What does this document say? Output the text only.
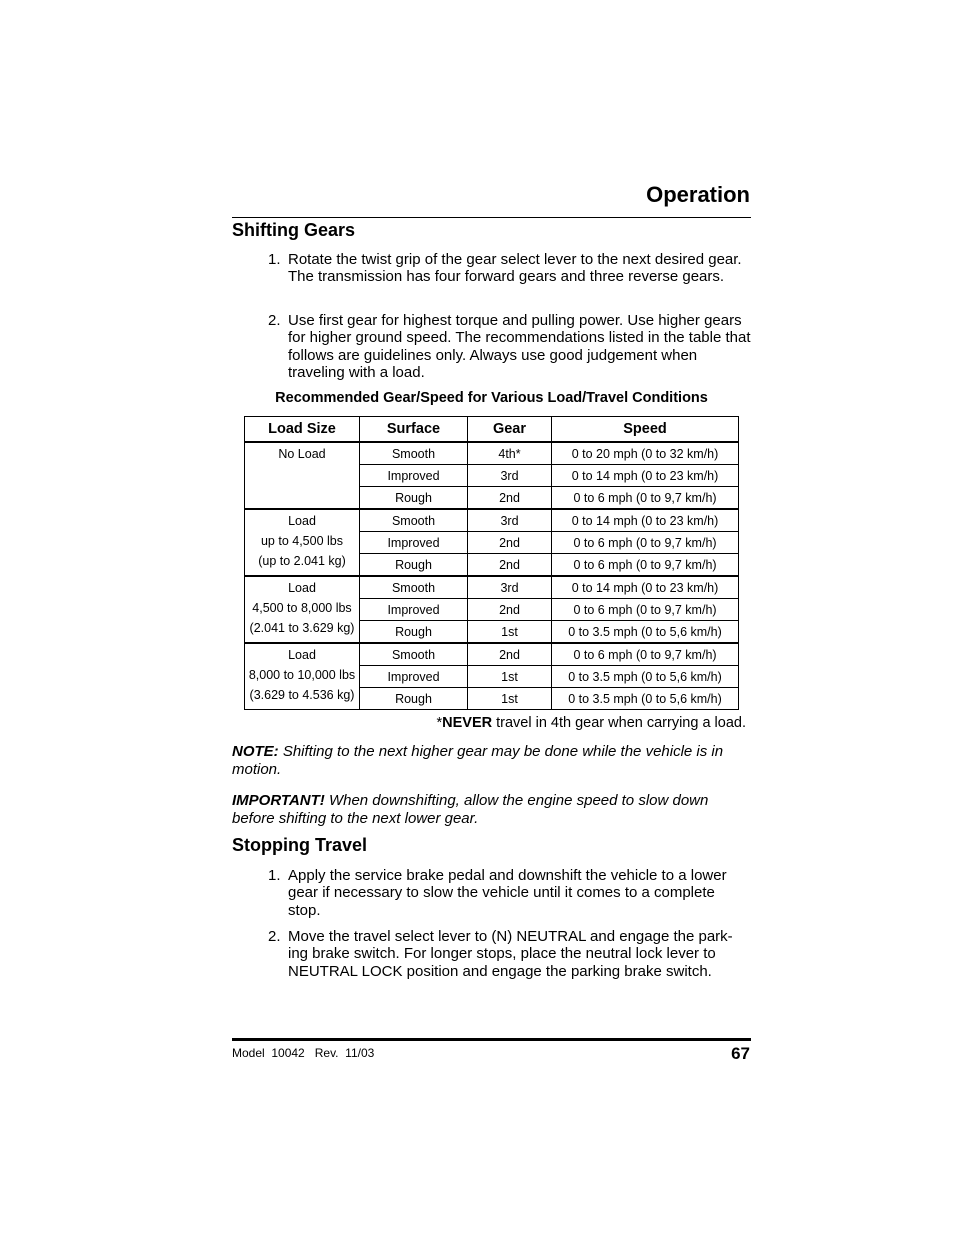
Operation
Shifting Gears
1. Rotate the twist grip of the gear select lever to the next desired gear. The transmission has four forward gears and three reverse gears.
2. Use first gear for highest torque and pulling power. Use higher gears for higher ground speed. The recommendations listed in the table that follows are guidelines only. Always use good judgement when traveling with a load.
Recommended Gear/Speed for Various Load/Travel Conditions
Load Size	Surface	Gear	Speed

No Load	Smooth	4th*	0 to 20 mph (0 to 32 km/h)
	Improved	3rd	0 to 14 mph (0 to 23 km/h)
	Rough	2nd	0 to 6 mph (0 to 9,7 km/h)

Load
up to 4,500 lbs
(up to 2.041 kg)	Smooth	3rd	0 to 14 mph (0 to 23 km/h)
	Improved	2nd	0 to 6 mph (0 to 9,7 km/h)
	Rough	2nd	0 to 6 mph (0 to 9,7 km/h)

Load
4,500 to 8,000 lbs
(2.041 to 3.629 kg)	Smooth	3rd	0 to 14 mph (0 to 23 km/h)
	Improved	2nd	0 to 6 mph (0 to 9,7 km/h)
	Rough	1st	0 to 3.5 mph (0 to 5,6 km/h)

Load
8,000 to 10,000 lbs
(3.629 to 4.536 kg)	Smooth	2nd	0 to 6 mph (0 to 9,7 km/h)
	Improved	1st	0 to 3.5 mph (0 to 5,6 km/h)
	Rough	1st	0 to 3.5 mph (0 to 5,6 km/h)
*NEVER travel in 4th gear when carrying a load.
NOTE: Shifting to the next higher gear may be done while the vehicle is in motion.
IMPORTANT! When downshifting, allow the engine speed to slow down before shifting to the next lower gear.
Stopping Travel
1. Apply the service brake pedal and downshift the vehicle to a lower gear if necessary to slow the vehicle until it comes to a complete stop.
2. Move the travel select lever to (N) NEUTRAL and engage the park-ing brake switch. For longer stops, place the neutral lock lever to NEUTRAL LOCK position and engage the parking brake switch.
Model  10042   Rev.  11/03	67
